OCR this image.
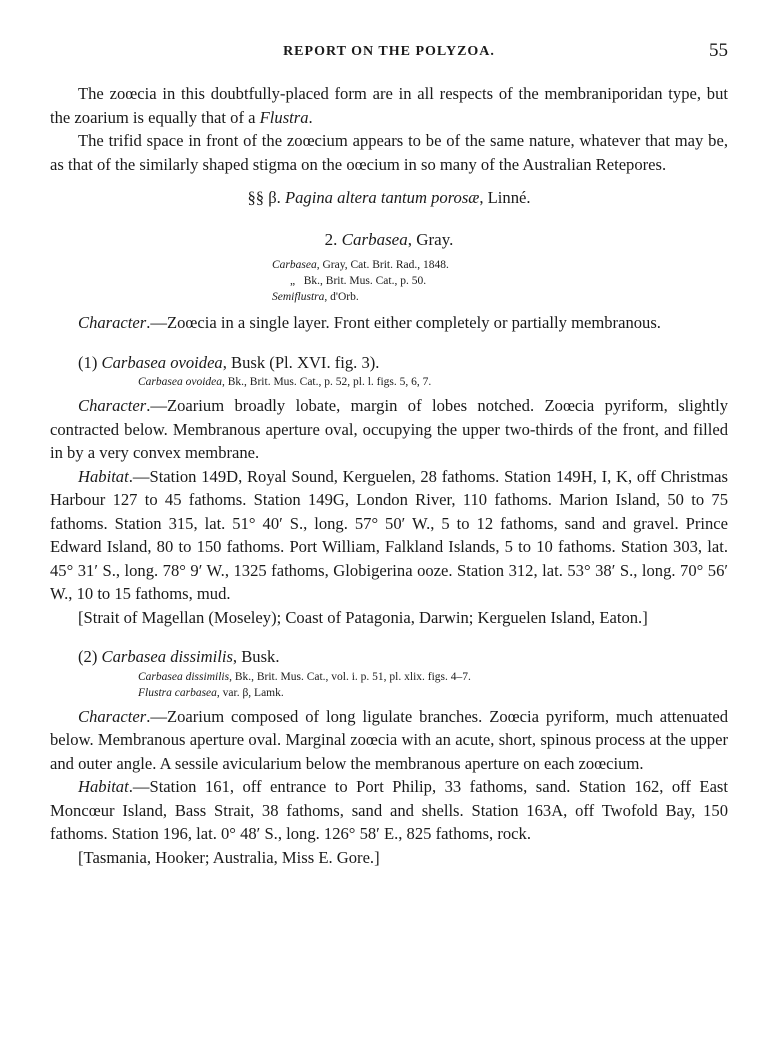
REPORT ON THE POLYZOA.	55

The zoœcia in this doubtfully-placed form are in all respects of the membraniporidan type, but the zoarium is equally that of a Flustra.

The trifid space in front of the zoœcium appears to be of the same nature, whatever that may be, as that of the similarly shaped stigma on the oœcium in so many of the Australian Retepores.

§§ β. Pagina altera tantum porosæ, Linné.

2. Carbasea, Gray.

Carbasea, Gray, Cat. Brit. Rad., 1848.
„   Bk., Brit. Mus. Cat., p. 50.
Semiflustra, d'Orb.

Character.—Zoœcia in a single layer. Front either completely or partially membranous.

(1) Carbasea ovoidea, Busk (Pl. XVI. fig. 3).

Carbasea ovoidea, Bk., Brit. Mus. Cat., p. 52, pl. l. figs. 5, 6, 7.

Character.—Zoarium broadly lobate, margin of lobes notched. Zoœcia pyriform, slightly contracted below. Membranous aperture oval, occupying the upper two-thirds of the front, and filled in by a very convex membrane.

Habitat.—Station 149D, Royal Sound, Kerguelen, 28 fathoms. Station 149H, I, K, off Christmas Harbour 127 to 45 fathoms. Station 149G, London River, 110 fathoms. Marion Island, 50 to 75 fathoms. Station 315, lat. 51° 40′ S., long. 57° 50′ W., 5 to 12 fathoms, sand and gravel. Prince Edward Island, 80 to 150 fathoms. Port William, Falkland Islands, 5 to 10 fathoms. Station 303, lat. 45° 31′ S., long. 78° 9′ W., 1325 fathoms, Globigerina ooze. Station 312, lat. 53° 38′ S., long. 70° 56′ W., 10 to 15 fathoms, mud.

[Strait of Magellan (Moseley); Coast of Patagonia, Darwin; Kerguelen Island, Eaton.]

(2) Carbasea dissimilis, Busk.

Carbasea dissimilis, Bk., Brit. Mus. Cat., vol. i. p. 51, pl. xlix. figs. 4–7.
Flustra carbasea, var. β, Lamk.

Character.—Zoarium composed of long ligulate branches. Zoœcia pyriform, much attenuated below. Membranous aperture oval. Marginal zoœcia with an acute, short, spinous process at the upper and outer angle. A sessile avicularium below the membranous aperture on each zoœcium.

Habitat.—Station 161, off entrance to Port Philip, 33 fathoms, sand. Station 162, off East Moncœur Island, Bass Strait, 38 fathoms, sand and shells. Station 163A, off Twofold Bay, 150 fathoms. Station 196, lat. 0° 48′ S., long. 126° 58′ E., 825 fathoms, rock.

[Tasmania, Hooker; Australia, Miss E. Gore.]
